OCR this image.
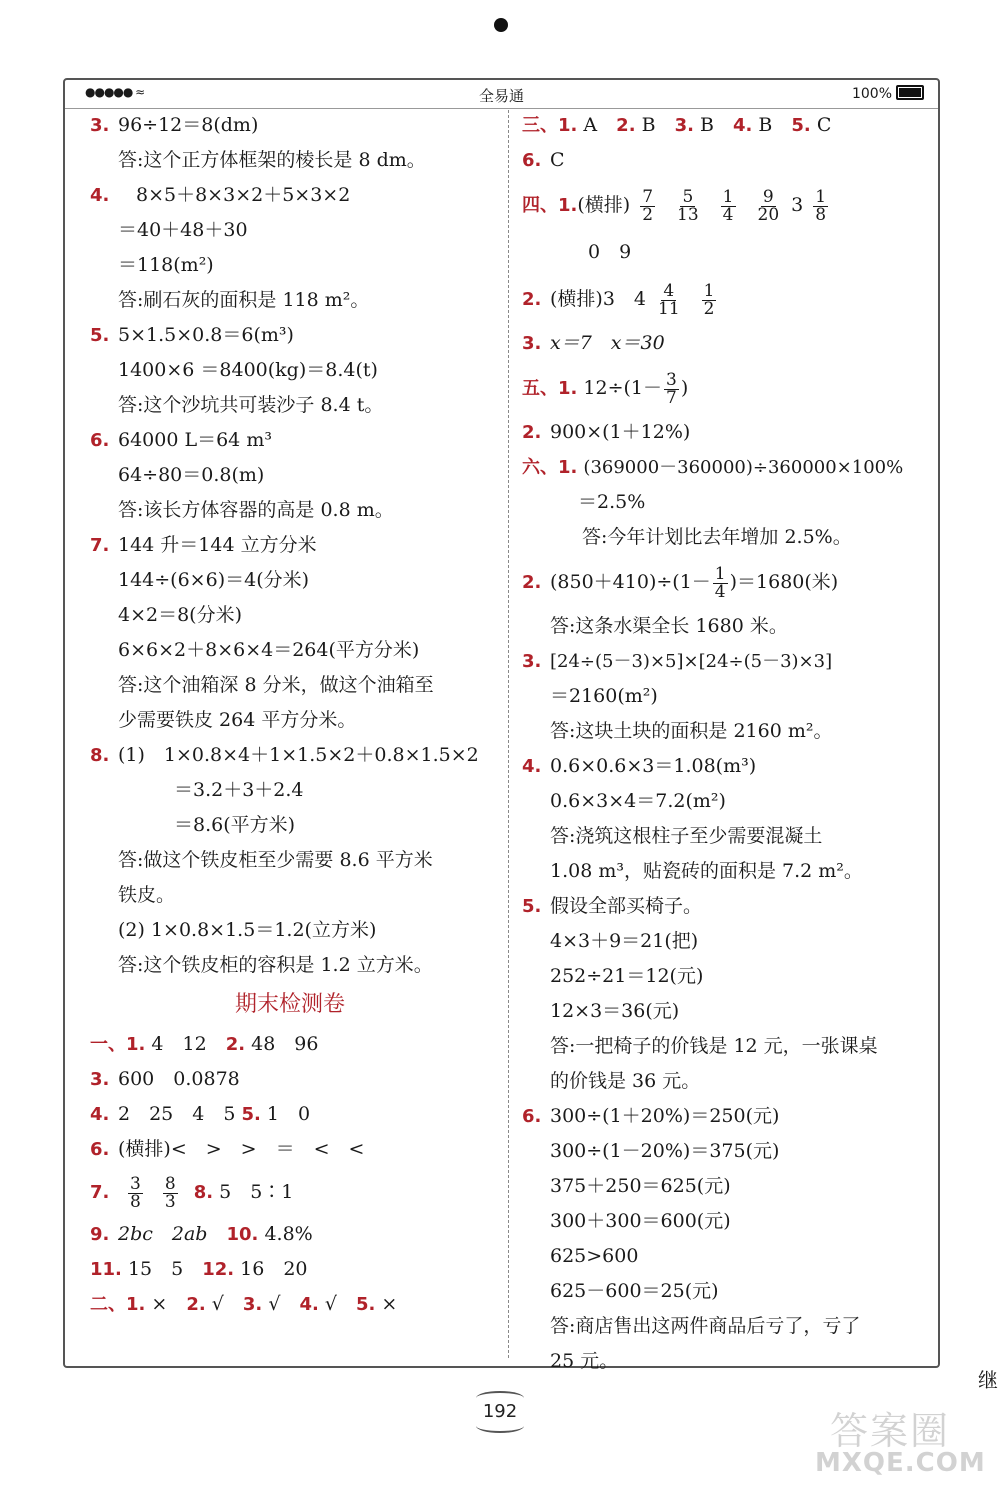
●●●●● ≈	全易通	100%
3. 96÷12＝8(dm)
答:这个正方体框架的棱长是 8 dm。
4. 8×5＋8×3×2＋5×3×2
＝40＋48＋30
＝118(m²)
答:刷石灰的面积是 118 m²。
5. 5×1.5×0.8＝6(m³)
1400×6 ＝8400(kg)＝8.4(t)
答:这个沙坑共可装沙子 8.4 t。
6. 64000 L＝64 m³
64÷80＝0.8(m)
答:该长方体容器的高是 0.8 m。
7. 144 升＝144 立方分米
144÷(6×6)＝4(分米)
4×2＝8(分米)
6×6×2＋8×6×4＝264(平方分米)
答:这个油箱深 8 分米，做这个油箱至
少需要铁皮 264 平方分米。
8. (1)　1×0.8×4＋1×1.5×2＋0.8×1.5×2
＝3.2＋3＋2.4
＝8.6(平方米)
答:做这个铁皮柜至少需要 8.6 平方米
铁皮。
(2) 1×0.8×1.5＝1.2(立方米)
答:这个铁皮柜的容积是 1.2 立方米。
期末检测卷
一、1. 4　12　 2. 48　96
3. 600　0.0878
4. 2　25　4　5 5. 1　0
6. (横排)<　>　>　＝　<　<
7. $\frac{3}{8} \frac{8}{3} 8$. 5　5∶1
9. 2bc　2ab　 10. 4.8%
11. 15　5　 12. 16　20
二、1. ×　 2. √　 3. √　 4. √　 5. ×
三、1. A　 2. B　 3. B　 4. B　 5. C
6. C
四、1.(横排) $\frac{7}{2} \frac{5}{13} \frac{1}{4} \frac{9}{20} 3 \frac{1}{8}$
0　9
2. (横排)3　$4 \frac{4}{11} \frac{1}{2}$
3. x＝7　x＝30
五、1. $12\div(1- \frac{3}{7}$ )
2. 900×(1＋12%)
六、1. (369000－360000)÷360000×100%
＝2.5%
答:今年计划比去年增加 2.5%。
2. $(850+410)\div(1- \frac{1}{4} )=1680$(米)
答:这条水渠全长 1680 米。
3. [24÷(5－3)×5]×[24÷(5－3)×3]
＝2160(m²)
答:这块土块的面积是 2160 m²。
4. 0.6×0.6×3＝1.08(m³)
0.6×3×4＝7.2(m²)
答:浇筑这根柱子至少需要混凝土
1.08 m³，贴瓷砖的面积是 7.2 m²。
5. 假设全部买椅子。
4×3＋9＝21(把)
252÷21＝12(元)
12×3＝36(元)
答:一把椅子的价钱是 12 元，一张课桌
的价钱是 36 元。
6. 300÷(1＋20%)＝250(元)
300÷(1－20%)＝375(元)
375＋250＝625(元)
300＋300＝600(元)
625>600
625－600＝25(元)
答:商店售出这两件商品后亏了，亏了
25 元。
继
192	答案圈
MXQE.COM
